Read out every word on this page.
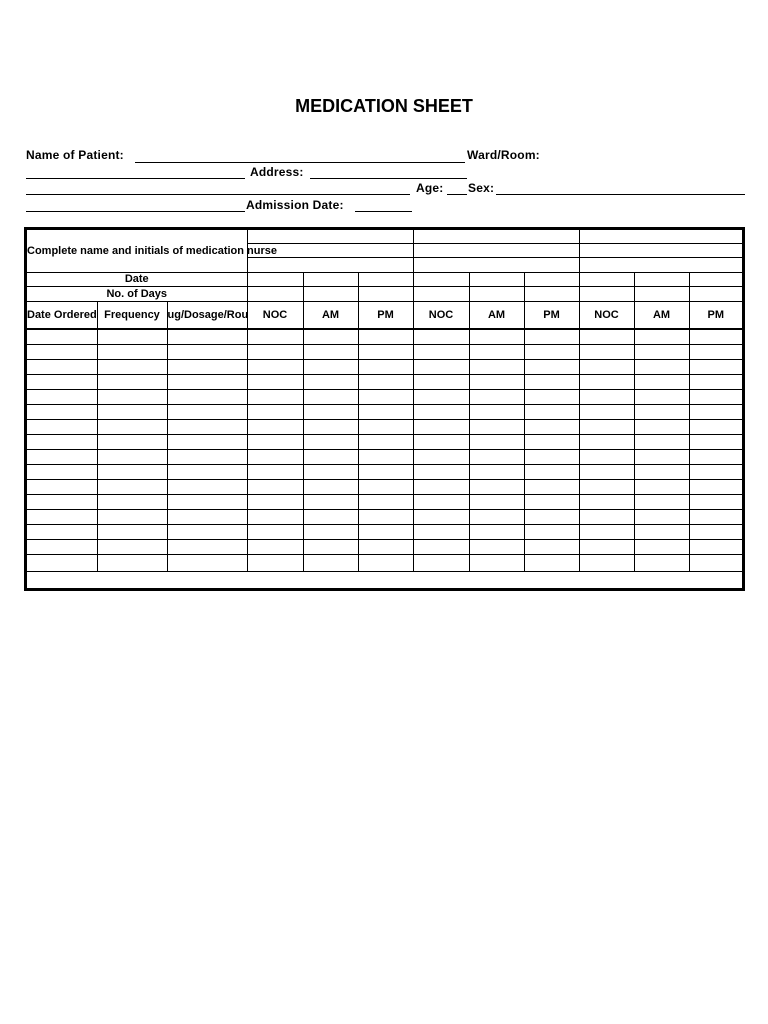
MEDICATION SHEET
Name of Patient:	Ward/Room:
Address:
Age: Sex:
Admission Date:
Complete name and initials of medication nurse											

Date											
No. of Days											
Date Ordered	Frequency	ug/Dosage/Rou	NOC	AM	PM	NOC	AM	PM	NOC	AM	PM
